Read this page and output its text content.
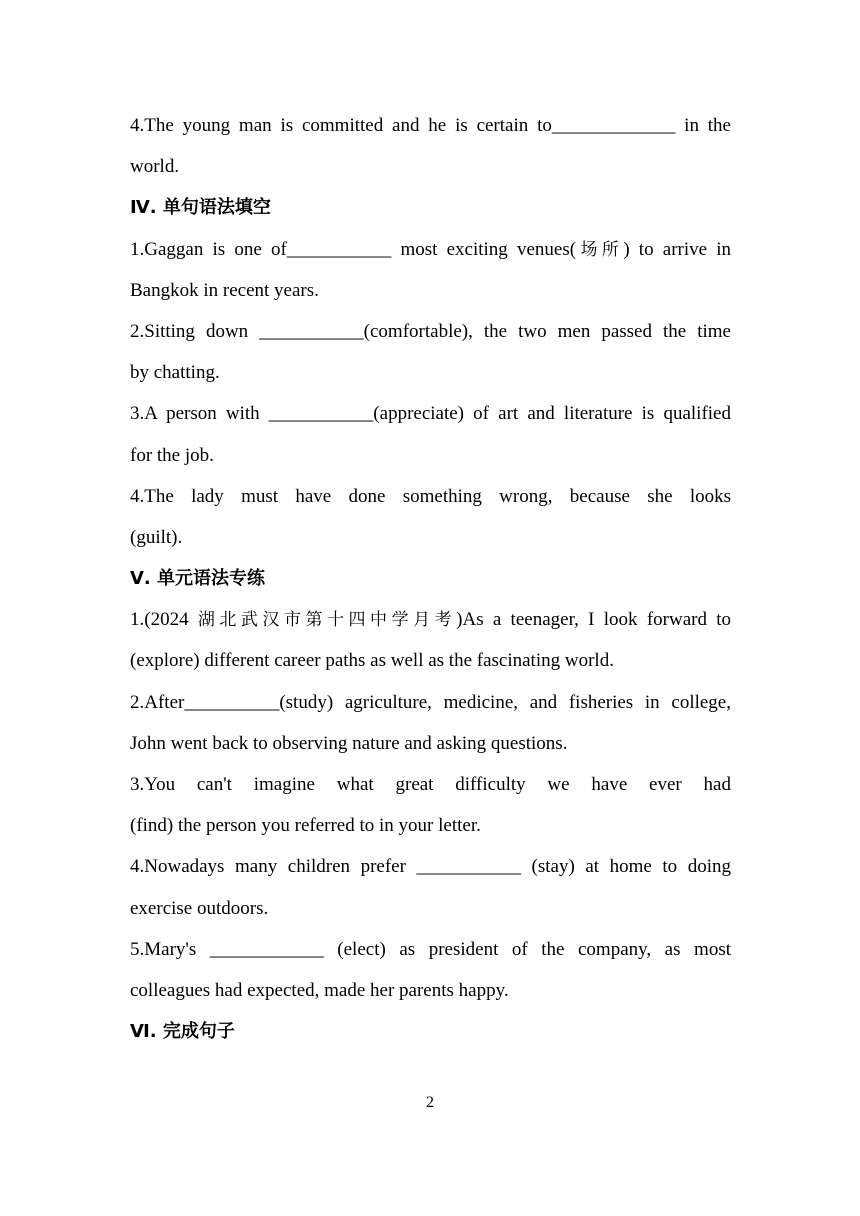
4.The young man is committed and he is certain to_____________ in the
world.
Ⅳ. 单句语法填空
1.Gaggan is one of___________ most exciting venues(场所) to arrive in
Bangkok in recent years.
2.Sitting down ___________(comfortable), the two men passed the time
by chatting.
3.A person with ___________(appreciate) of art and literature is qualified
for the job.
4.The lady must have done something wrong, because she looks
(guilt).
Ⅴ. 单元语法专练
1.(2024 湖北武汉市第十四中学月考)As a teenager, I look forward to
(explore) different career paths as well as the fascinating world.
2.After__________(study) agriculture, medicine, and fisheries in college,
John went back to observing nature and asking questions.
3.You can't imagine what great difficulty we have ever had
(find) the person you referred to in your letter.
4.Nowadays many children prefer ___________ (stay) at home to doing
exercise outdoors.
5.Mary's ____________ (elect) as president of the company, as most
colleagues had expected, made her parents happy.
Ⅵ. 完成句子
2
